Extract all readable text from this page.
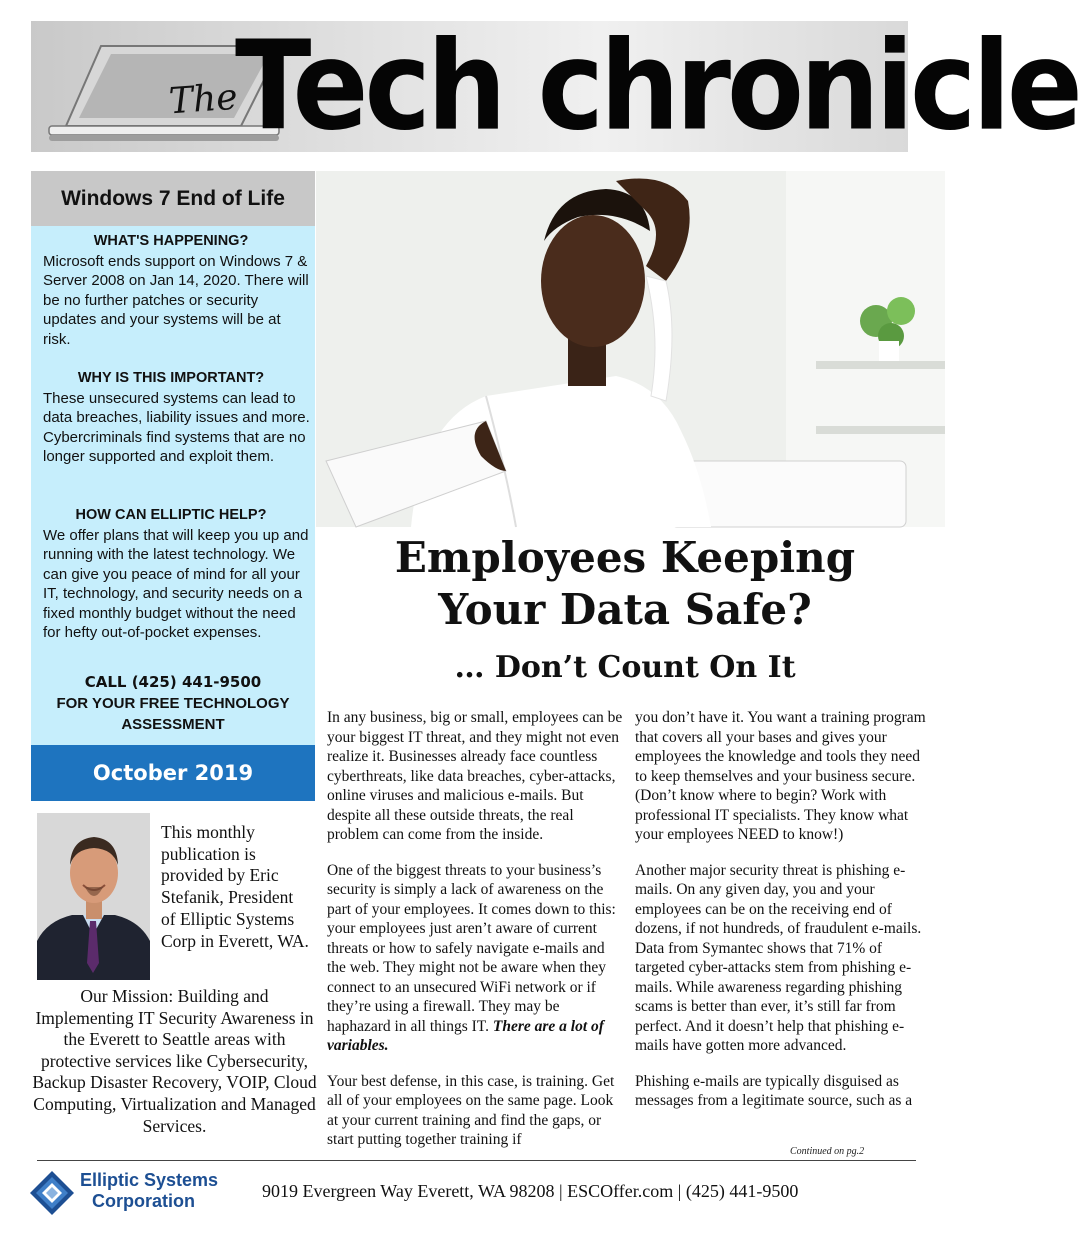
The
Tech chronicle
Windows 7 End of Life
WHAT'S HAPPENING?

Microsoft ends support on Windows 7 & Server 2008 on Jan 14, 2020. There will be no further patches or security updates and your systems will be at risk.

WHY IS THIS IMPORTANT?

These unsecured systems can lead to data breaches, liability issues and more. Cybercriminals find systems that are no longer supported and exploit them.

HOW CAN ELLIPTIC HELP?

We offer plans that will keep you up and running with the latest technology. We can give you peace of mind for all your IT, technology, and security needs on a fixed monthly budget without the need for hefty out-of-pocket expenses.

CALL (425) 441-9500
FOR YOUR FREE TECHNOLOGY ASSESSMENT
October 2019
This monthly publication is provided by Eric Stefanik, President of Elliptic Systems Corp in Everett, WA.
Our Mission: Building and Implementing IT Security Awareness in the Everett to Seattle areas with protective services like Cybersecurity, Backup Disaster Recovery, VOIP, Cloud Computing, Virtualization and Managed Services.
Employees Keeping
Your Data Safe?
… Don’t Count On It

In any business, big or small, employees can be your biggest IT threat, and they might not even realize it. Businesses already face countless cyberthreats, like data breaches, cyber-attacks, online viruses and malicious e-mails. But despite all these outside threats, the real problem can come from the inside.

One of the biggest threats to your business’s security is simply a lack of awareness on the part of your employees. It comes down to this: your employees just aren’t aware of current threats or how to safely navigate e-mails and the web. They might not be aware when they connect to an unsecured WiFi network or if they’re using a firewall. They may be haphazard in all things IT. There are a lot of variables.

Your best defense, in this case, is training. Get all of your employees on the same page. Look at your current training and find the gaps, or start putting together training if

you don’t have it. You want a training program that covers all your bases and gives your employees the knowledge and tools they need to keep themselves and your business secure. (Don’t know where to begin? Work with professional IT specialists. They know what your employees NEED to know!)

Another major security threat is phishing e-mails. On any given day, you and your employees can be on the receiving end of dozens, if not hundreds, of fraudulent e-mails. Data from Symantec shows that 71% of targeted cyber-attacks stem from phishing e-mails. While awareness regarding phishing scams is better than ever, it’s still far from perfect. And it doesn’t help that phishing e-mails have gotten more advanced.

Phishing e-mails are typically disguised as messages from a legitimate source, such as a

Continued on pg.2
Elliptic Systems
Corporation	9019 Evergreen Way Everett, WA 98208 | ESCOffer.com | (425) 441-9500
